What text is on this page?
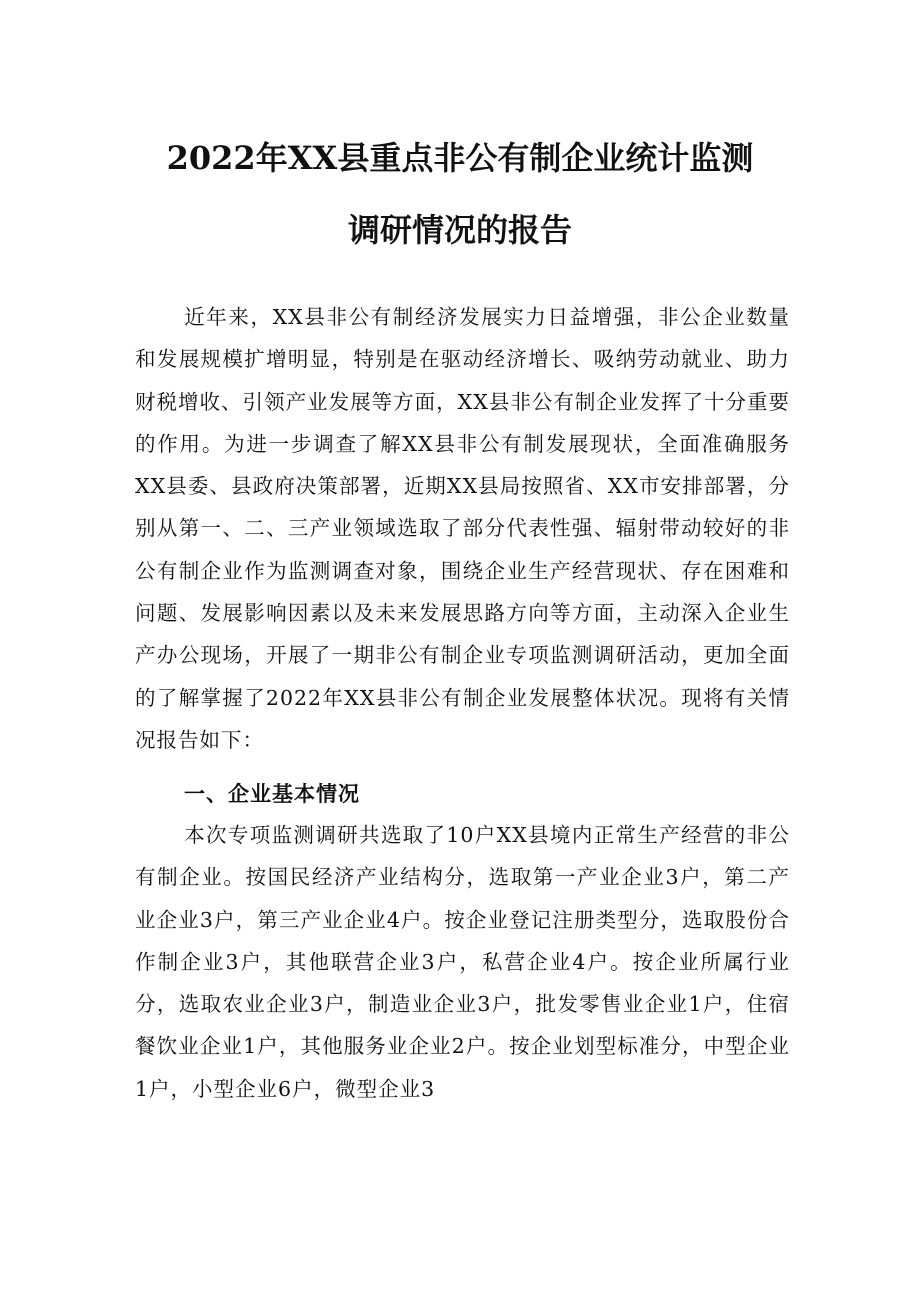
2022年XX县重点非公有制企业统计监测
调研情况的报告

近年来，XX县非公有制经济发展实力日益增强，非公企业数量和发展规模扩增明显，特别是在驱动经济增长、吸纳劳动就业、助力财税增收、引领产业发展等方面，XX县非公有制企业发挥了十分重要的作用。为进一步调查了解XX县非公有制发展现状，全面准确服务XX县委、县政府决策部署，近期XX县局按照省、XX市安排部署，分别从第一、二、三产业领域选取了部分代表性强、辐射带动较好的非公有制企业作为监测调查对象，围绕企业生产经营现状、存在困难和问题、发展影响因素以及未来发展思路方向等方面，主动深入企业生产办公现场，开展了一期非公有制企业专项监测调研活动，更加全面的了解掌握了2022年XX县非公有制企业发展整体状况。现将有关情况报告如下：

一、企业基本情况

本次专项监测调研共选取了10户XX县境内正常生产经营的非公有制企业。按国民经济产业结构分，选取第一产业企业3户，第二产业企业3户，第三产业企业4户。按企业登记注册类型分，选取股份合作制企业3户，其他联营企业3户，私营企业4户。按企业所属行业分，选取农业企业3户，制造业企业3户，批发零售业企业1户，住宿餐饮业企业1户，其他服务业企业2户。按企业划型标准分，中型企业1户，小型企业6户，微型企业3
